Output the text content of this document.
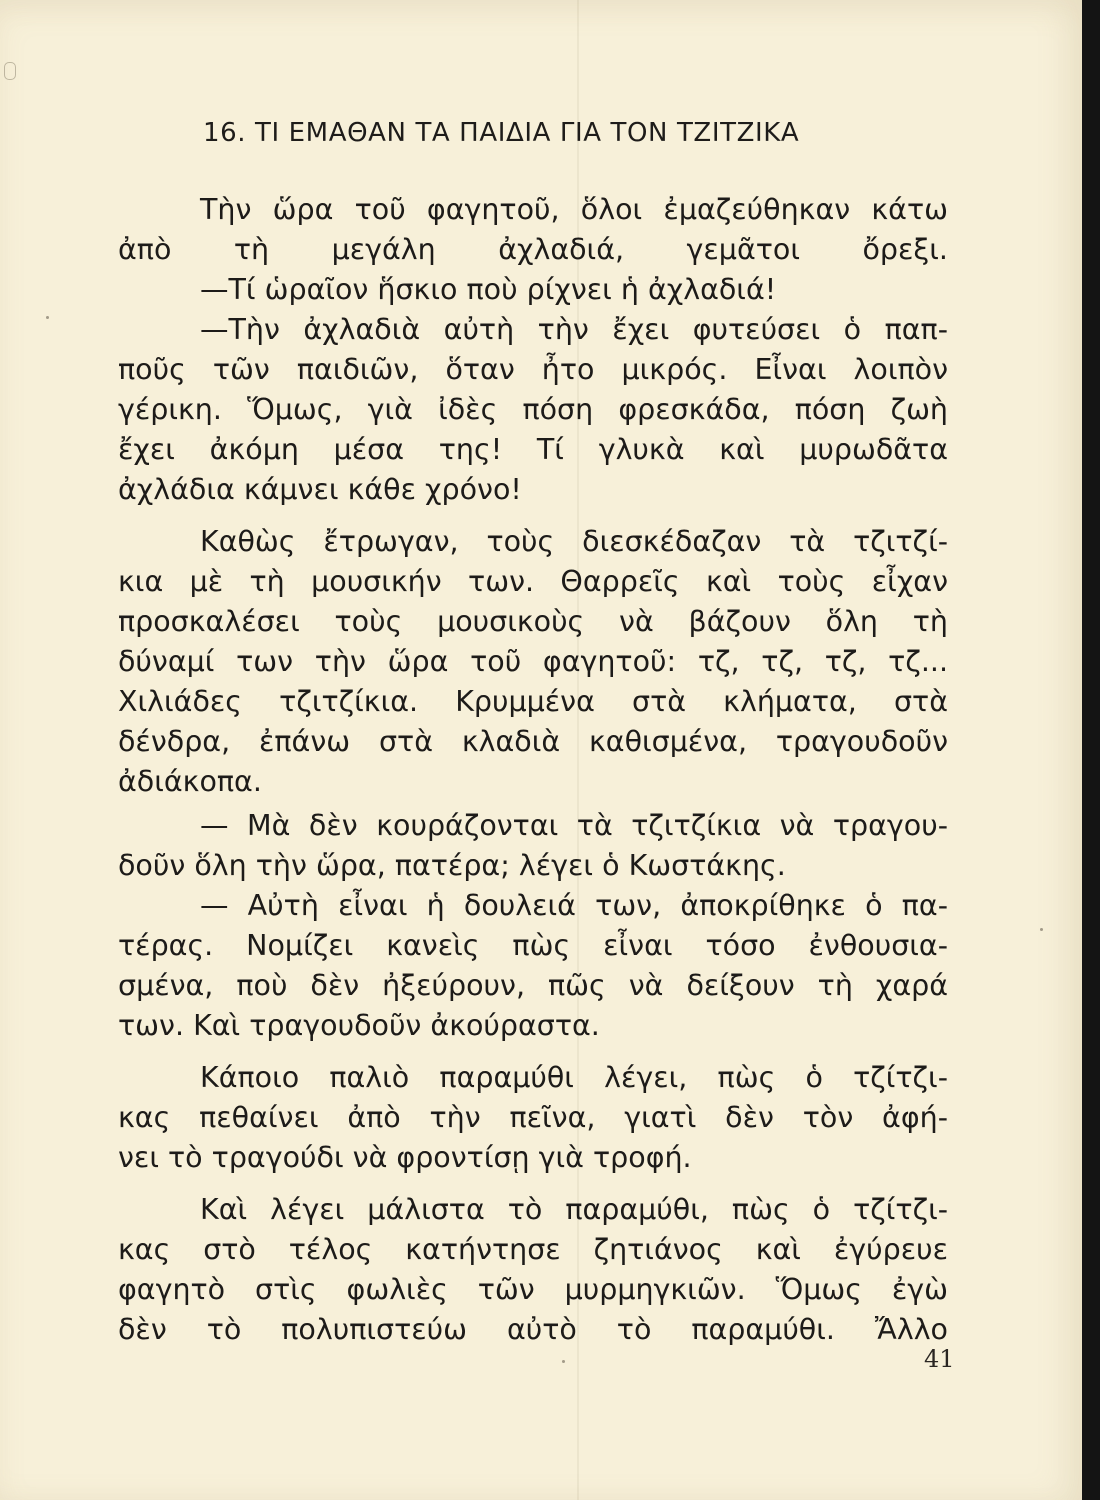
16. ΤΙ ΕΜΑΘΑΝ ΤΑ ΠΑΙΔΙΑ ΓΙΑ ΤΟΝ ΤΖΙΤΖΙΚΑ
Τὴν ὥρα τοῦ φαγητοῦ, ὅλοι ἐμαζεύθηκαν κάτω
ἀπὸ τὴ μεγάλη ἀχλαδιά, γεμᾶτοι ὄρεξι.
—Τί ὡραῖον ἥσκιο ποὺ ρίχνει ἡ ἀχλαδιά!
—Τὴν ἀχλαδιὰ αὐτὴ τὴν ἔχει φυτεύσει ὁ παπ-
ποῦς τῶν παιδιῶν, ὅταν ἦτο μικρός. Εἶναι λοιπὸν
γέρικη. Ὅμως, γιὰ ἰδὲς πόση φρεσκάδα, πόση ζωὴ
ἔχει ἀκόμη μέσα της! Τί γλυκὰ καὶ μυρωδᾶτα
ἀχλάδια κάμνει κάθε χρόνο!
Καθὼς ἔτρωγαν, τοὺς διεσκέδαζαν τὰ τζιτζί-
κια μὲ τὴ μουσικήν των. Θαρρεῖς καὶ τοὺς εἶχαν
προσκαλέσει τοὺς μουσικοὺς νὰ βάζουν ὅλη τὴ
δύναμί των τὴν ὥρα τοῦ φαγητοῦ: τζ, τζ, τζ, τζ...
Χιλιάδες τζιτζίκια. Κρυμμένα στὰ κλήματα, στὰ
δένδρα, ἐπάνω στὰ κλαδιὰ καθισμένα, τραγουδοῦν
ἀδιάκοπα.
— Μὰ δὲν κουράζονται τὰ τζιτζίκια νὰ τραγου-
δοῦν ὅλη τὴν ὥρα, πατέρα; λέγει ὁ Κωστάκης.
— Αὐτὴ εἶναι ἡ δουλειά των, ἀποκρίθηκε ὁ πα-
τέρας. Νομίζει κανεὶς πὼς εἶναι τόσο ἐνθουσια-
σμένα, ποὺ δὲν ἠξεύρουν, πῶς νὰ δείξουν τὴ χαρά
των. Καὶ τραγουδοῦν ἀκούραστα.
Κάποιο παλιὸ παραμύθι λέγει, πὼς ὁ τζίτζι-
κας πεθαίνει ἀπὸ τὴν πεῖνα, γιατὶ δὲν τὸν ἀφή-
νει τὸ τραγούδι νὰ φροντίσῃ γιὰ τροφή.
Καὶ λέγει μάλιστα τὸ παραμύθι, πὼς ὁ τζίτζι-
κας στὸ τέλος κατήντησε ζητιάνος καὶ ἐγύρευε
φαγητὸ στὶς φωλιὲς τῶν μυρμηγκιῶν. Ὅμως ἐγὼ
δὲν τὸ πολυπιστεύω αὐτὸ τὸ παραμύθι. Ἄλλο
41
